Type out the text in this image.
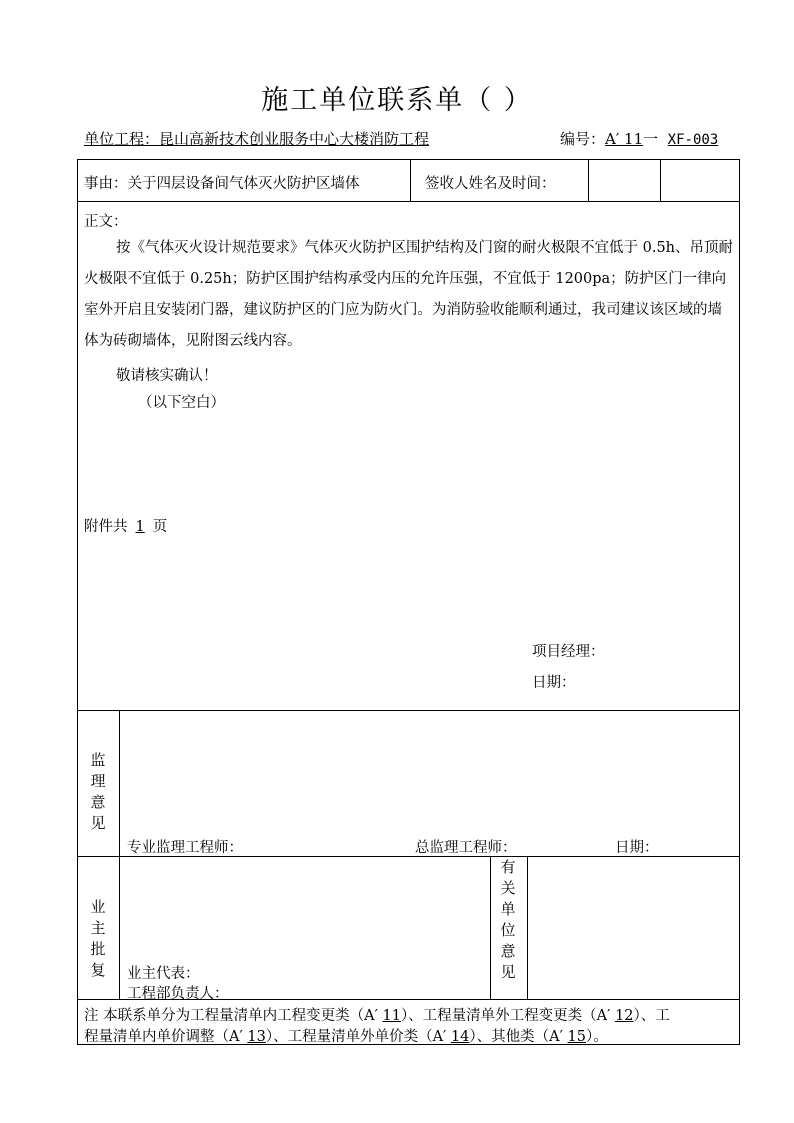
施工单位联系单（ ）
单位工程：昆山高新技术创业服务中心大楼消防工程	编号：A′ 11一 XF-003
事由：关于四层设备间气体灭火防护区墙体	签收人姓名及时间：
正文：
按《气体灭火设计规范要求》气体灭火防护区围护结构及门窗的耐火极限不宜低于 0.5h、吊顶耐火极限不宜低于 0.25h；防护区围护结构承受内压的允许压强，不宜低于 1200pa；防护区门一律向室外开启且安装闭门器，建议防护区的门应为防火门。为消防验收能顺利通过，我司建议该区域的墙体为砖砌墙体，见附图云线内容。
敬请核实确认！
（以下空白）
附件共 1 页
项目经理：
日期：
监理意见
专业监理工程师：	总监理工程师：	日期：
业主批复 业主代表：
工程部负责人：
有关单位意见
注 本联系单分为工程量清单内工程变更类（A′ 11）、工程量清单外工程变更类（A′ 12）、工
程量清单内单价调整（A′ 13）、工程量清单外单价类（A′ 14）、其他类（A′ 15）。
